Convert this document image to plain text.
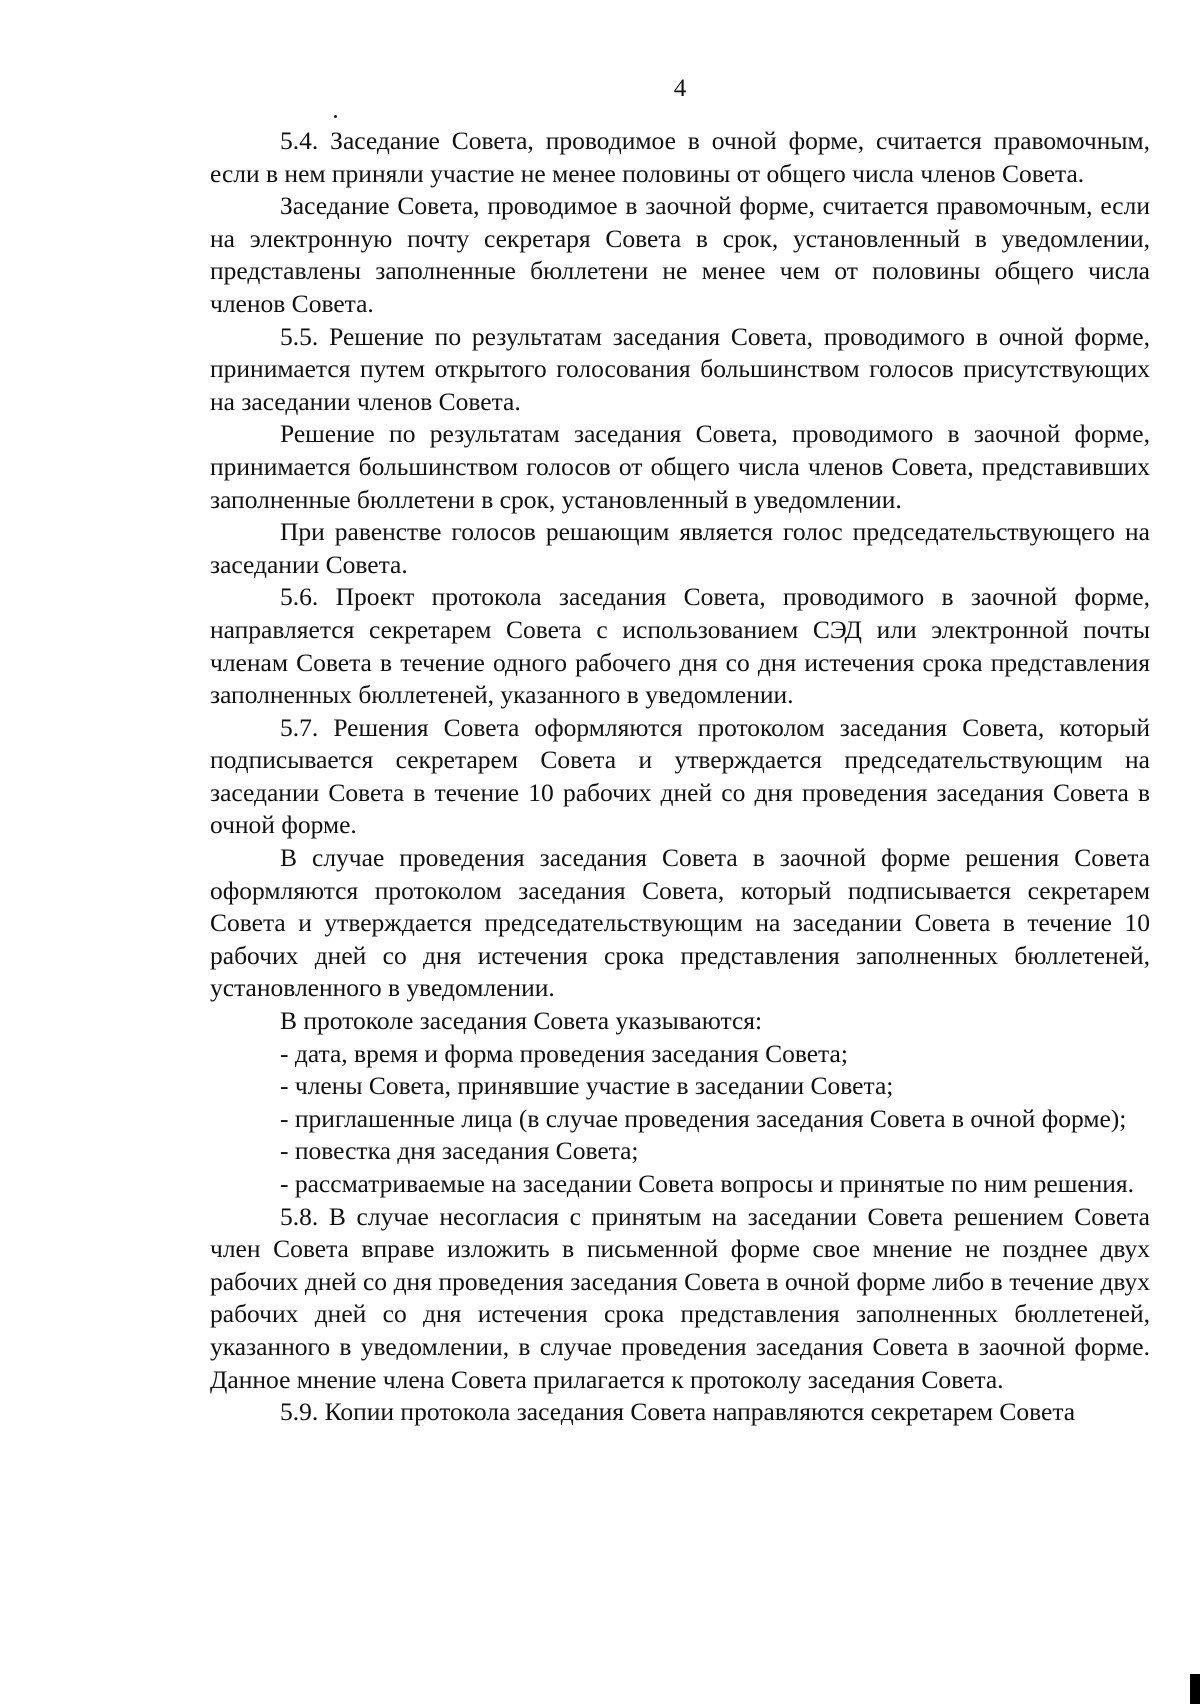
4

5.4. Заседание Совета, проводимое в очной форме, считается правомочным, если в нем приняли участие не менее половины от общего числа членов Совета.

Заседание Совета, проводимое в заочной форме, считается правомочным, если на электронную почту секретаря Совета в срок, установленный в уведомлении, представлены заполненные бюллетени не менее чем от половины общего числа членов Совета.

5.5. Решение по результатам заседания Совета, проводимого в очной форме, принимается путем открытого голосования большинством голосов присутствующих на заседании членов Совета.

Решение по результатам заседания Совета, проводимого в заочной форме, принимается большинством голосов от общего числа членов Совета, представивших заполненные бюллетени в срок, установленный в уведомлении.

При равенстве голосов решающим является голос председательствующего на заседании Совета.

5.6. Проект протокола заседания Совета, проводимого в заочной форме, направляется секретарем Совета с использованием СЭД или электронной почты членам Совета в течение одного рабочего дня со дня истечения срока представления заполненных бюллетеней, указанного в уведомлении.

5.7. Решения Совета оформляются протоколом заседания Совета, который подписывается секретарем Совета и утверждается председательствующим на заседании Совета в течение 10 рабочих дней со дня проведения заседания Совета в очной форме.

В случае проведения заседания Совета в заочной форме решения Совета оформляются протоколом заседания Совета, который подписывается секретарем Совета и утверждается председательствующим на заседании Совета в течение 10 рабочих дней со дня истечения срока представления заполненных бюллетеней, установленного в уведомлении.

В протоколе заседания Совета указываются:

- дата, время и форма проведения заседания Совета;

- члены Совета, принявшие участие в заседании Совета;

- приглашенные лица (в случае проведения заседания Совета в очной форме);

- повестка дня заседания Совета;

- рассматриваемые на заседании Совета вопросы и принятые по ним решения.

5.8. В случае несогласия с принятым на заседании Совета решением Совета член Совета вправе изложить в письменной форме свое мнение не позднее двух рабочих дней со дня проведения заседания Совета в очной форме либо в течение двух рабочих дней со дня истечения срока представления заполненных бюллетеней, указанного в уведомлении, в случае проведения заседания Совета в заочной форме. Данное мнение члена Совета прилагается к протоколу заседания Совета.

5.9. Копии протокола заседания Совета направляются секретарем Совета
